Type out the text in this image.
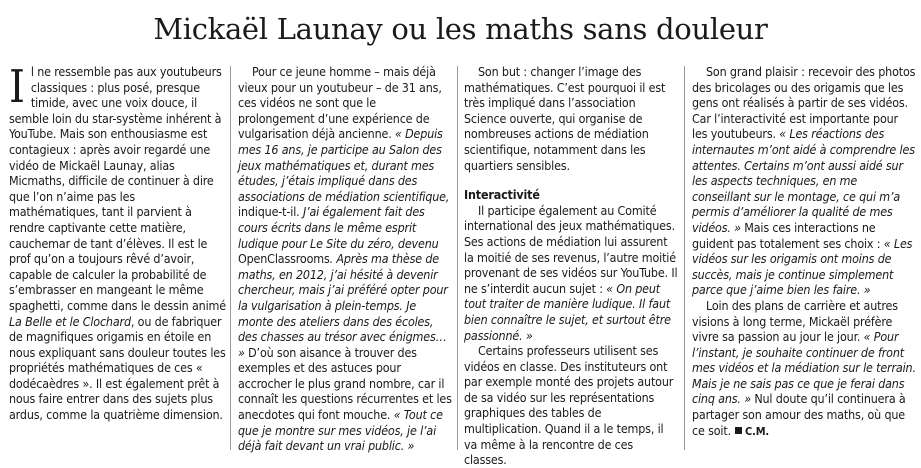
Mickaël Launay ou les maths sans douleur

Il ne ressemble pas aux youtubeurs classiques : plus posé, presque timide, avec une voix douce, il semble loin du star-système inhérent à YouTube. Mais son enthousiasme est contagieux : après avoir regardé une vidéo de Mickaël Launay, alias Micmaths, difficile de continuer à dire que l’on n’aime pas les mathématiques, tant il parvient à rendre captivante cette matière, cauchemar de tant d’élèves. Il est le prof qu’on a toujours rêvé d’avoir, capable de calculer la probabilité de s’embrasser en mangeant le même spaghetti, comme dans le dessin animé La Belle et le Clochard, ou de fabriquer de magnifiques origamis en étoile en nous expliquant sans douleur toutes les propriétés mathématiques de ces « dodécaèdres ». Il est également prêt à nous faire entrer dans des sujets plus ardus, comme la quatrième dimension.

Pour ce jeune homme – mais déjà vieux pour un youtubeur – de 31 ans, ces vidéos ne sont que le prolongement d’une expérience de vulgarisation déjà ancienne. « Depuis mes 16 ans, je participe au Salon des jeux mathématiques et, durant mes études, j’étais impliqué dans des associations de médiation scientifique, indique-t-il. J’ai également fait des cours écrits dans le même esprit ludique pour Le Site du zéro, devenu OpenClassrooms. Après ma thèse de maths, en 2012, j’ai hésité à devenir chercheur, mais j’ai préféré opter pour la vulgarisation à plein-temps. Je monte des ateliers dans des écoles, des chasses au trésor avec énigmes… » D’où son aisance à trouver des exemples et des astuces pour accrocher le plus grand nombre, car il connaît les questions récurrentes et les anecdotes qui font mouche. « Tout ce que je montre sur mes vidéos, je l’ai déjà fait devant un vrai public. »

Son but : changer l’image des mathématiques. C’est pourquoi il est très impliqué dans l’association Science ouverte, qui organise de nombreuses actions de médiation scientifique, notamment dans les quartiers sensibles.

Interactivité

Il participe également au Comité international des jeux mathématiques. Ses actions de médiation lui assurent la moitié de ses revenus, l’autre moitié provenant de ses vidéos sur YouTube. Il ne s’interdit aucun sujet : « On peut tout traiter de manière ludique. Il faut bien connaître le sujet, et surtout être passionné. »

Certains professeurs utilisent ses vidéos en classe. Des instituteurs ont par exemple monté des projets autour de sa vidéo sur les représentations graphiques des tables de multiplication. Quand il a le temps, il va même à la rencontre de ces classes.

Son grand plaisir : recevoir des photos des bricolages ou des origamis que les gens ont réalisés à partir de ses vidéos. Car l’interactivité est importante pour les youtubeurs. « Les réactions des internautes m’ont aidé à comprendre les attentes. Certains m’ont aussi aidé sur les aspects techniques, en me conseillant sur le montage, ce qui m’a permis d’améliorer la qualité de mes vidéos. » Mais ces interactions ne guident pas totalement ses choix : « Les vidéos sur les origamis ont moins de succès, mais je continue simplement parce que j’aime bien les faire. »

Loin des plans de carrière et autres visions à long terme, Mickaël préfère vivre sa passion au jour le jour. « Pour l’instant, je souhaite continuer de front mes vidéos et la médiation sur le terrain. Mais je ne sais pas ce que je ferai dans cinq ans. » Nul doute qu’il continuera à partager son amour des maths, où que ce soit. C.M.
